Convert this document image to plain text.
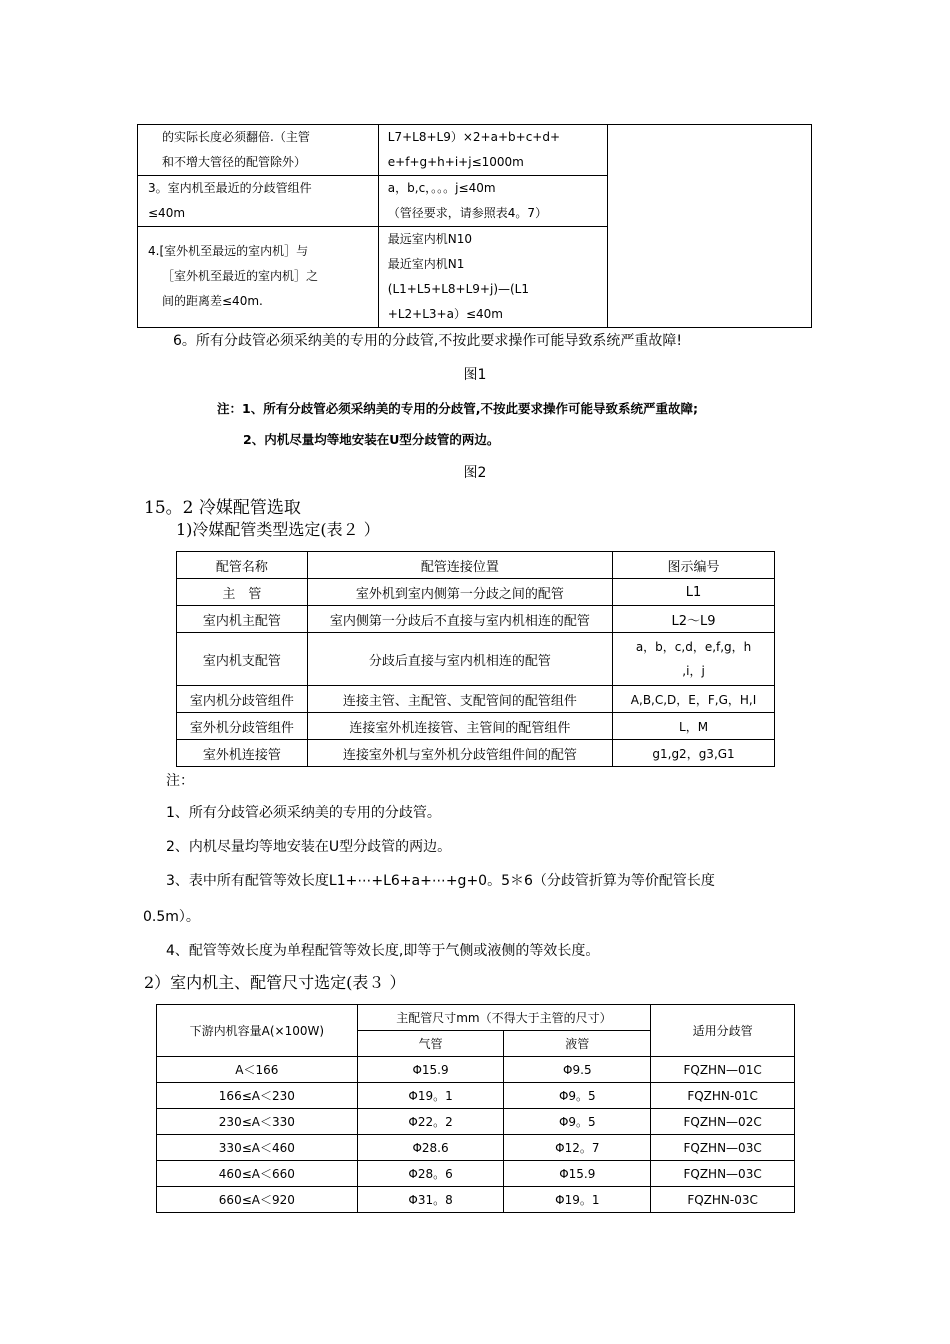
的实际长度必须翻倍.（主管
和不增大管径的配管除外）	L7+L8+L9）×2+a+b+c+d+
e+f+g+h+i+j≤1000m	

3。室内机至最近的分歧管组件
≤40m	a，b,c，。。。j≤40m
（管径要求，请参照表4。7）	

4.[室外机至最远的室内机］与
［室外机至最近的室内机］之
间的距离差≤40m.	最远室内机N10
最近室内机N1
(L1+L5+L8+L9+j)—(L1
+L2+L3+a）≤40m	
6。所有分歧管必须采纳美的专用的分歧管,不按此要求操作可能导致系统严重故障!
图1
注：1、所有分歧管必须采纳美的专用的分歧管,不按此要求操作可能导致系统严重故障;
2、内机尽量均等地安装在U型分歧管的两边。
图2
15。2 冷媒配管选取
1)冷媒配管类型选定(表２ ）
配管名称	配管连接位置	图示编号
主　管	室外机到室内侧第一分歧之间的配管	L1
室内机主配管	室内侧第一分歧后不直接与室内机相连的配管	L2～L9
室内机支配管	分歧后直接与室内机相连的配管	a，b，c,d，e,f,g，h
,i，j

室内机分歧管组件	连接主管、主配管、支配管间的配管组件	A,B,C,D，E，F,G，H,I
室外机分歧管组件	连接室外机连接管、主管间的配管组件	L，M
室外机连接管	连接室外机与室外机分歧管组件间的配管	g1,g2，g3,G1
注：
1、所有分歧管必须采纳美的专用的分歧管。
2、内机尽量均等地安装在U型分歧管的两边。
3、表中所有配管等效长度L1+⋯+L6+a+⋯+g+0。5＊6（分歧管折算为等价配管长度
0.5m）。
4、配管等效长度为单程配管等效长度,即等于气侧或液侧的等效长度。
2）室内机主、配管尺寸选定(表３ ）
下游内机容量A(×100W)	主配管尺寸mm（不得大于主管的尺寸）		适用分歧管
	气管	液管	
A＜166	Φ15.9	Φ9.5	FQZHN—01C
166≤A＜230	Φ19。1	Φ9。5	FQZHN-01C
230≤A＜330	Φ22。2	Φ9。5	FQZHN—02C
330≤A＜460	Φ28.6	Φ12。7	FQZHN—03C
460≤A＜660	Φ28。6	Φ15.9	FQZHN—03C
660≤A＜920	Φ31。8	Φ19。1	FQZHN-03C
